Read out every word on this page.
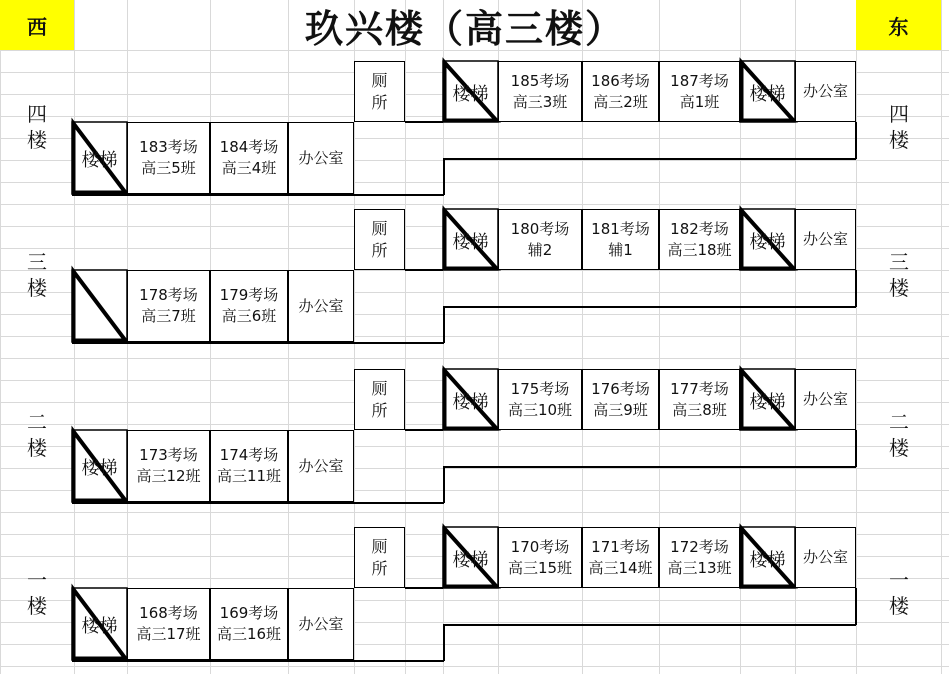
西	玖兴楼（高三楼）	东
四
楼
四
楼
厕
所	楼梯
185考场
高三3班
186考场
高三2班
187考场
高1班	楼梯	办公室
楼梯
183考场
高三5班
184考场
高三4班
办公室
三
楼
三
楼
厕
所	楼梯
180考场
辅2
181考场
辅1
182考场
高三18班 楼梯	办公室
178考场
高三7班
179考场
高三6班
办公室
二
楼
二
楼
厕
所	楼梯
175考场
高三10班
176考场
高三9班
177考场
高三8班	楼梯	办公室
楼梯
173考场
高三12班
174考场
高三11班
办公室
一
楼
一
楼
厕
所	楼梯
170考场
高三15班
171考场
高三14班
172考场
高三13班 楼梯	办公室
楼梯
168考场
高三17班
169考场
高三16班
办公室
